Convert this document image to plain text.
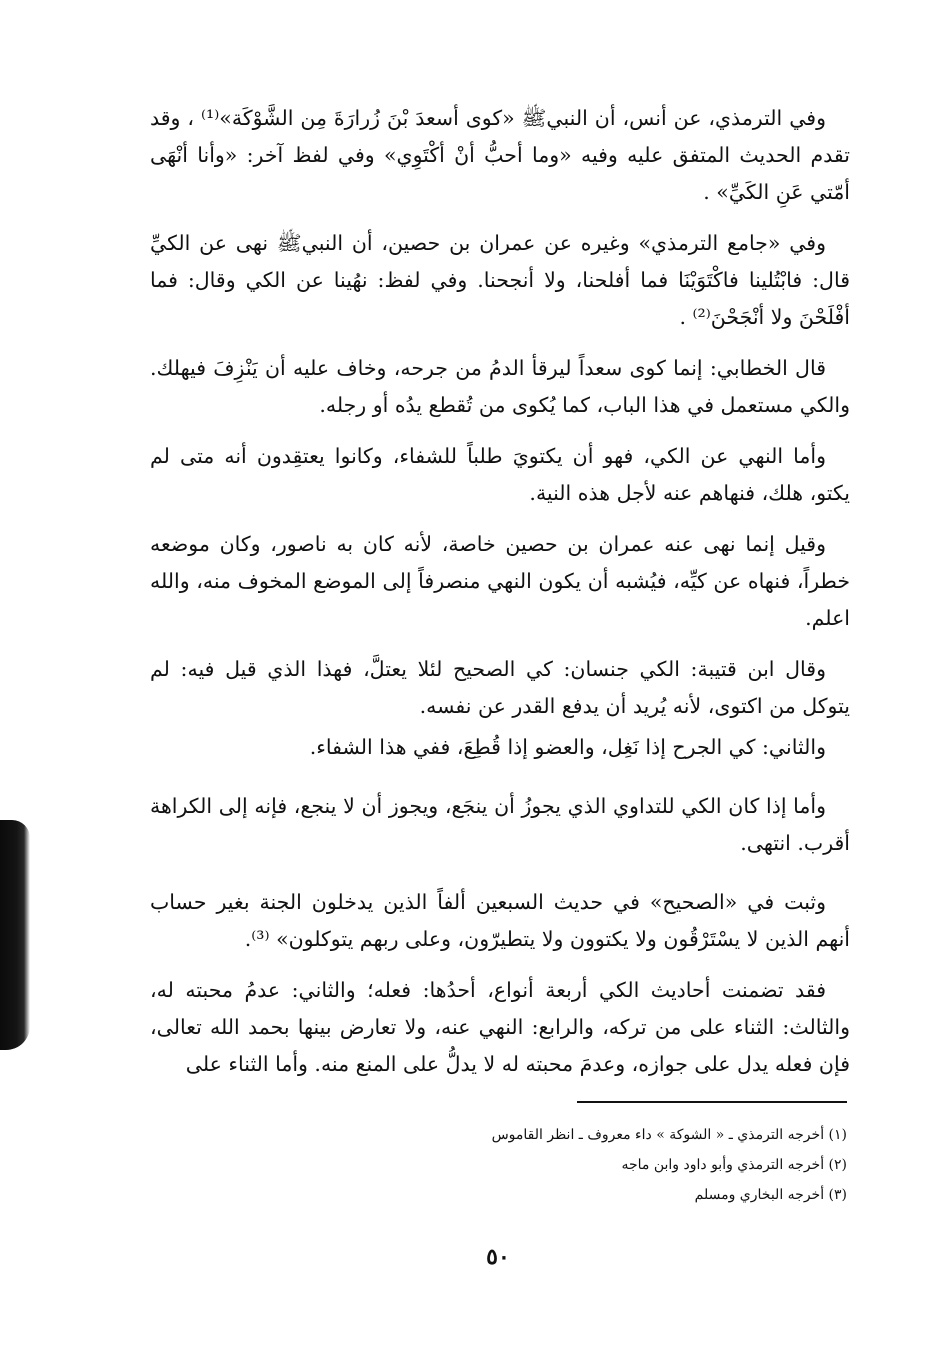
وفي الترمذي، عن أنس، أن النبيﷺ «كوى أسعدَ بْنَ زُرارَةَ مِن الشَّوْكَة»⁽¹⁾ ، وقد تقدم الحديث المتفق عليه وفيه «وما أحبُّ أنْ أكْتَوِي» وفي لفظ آخر: «وأنا أنْهَى أمّتي عَنِ الكَيِّ» .

وفي «جامع الترمذي» وغيره عن عمران بن حصين، أن النبيﷺ نهى عن الكيِّ قال: فابْتُلينا فاكْتَوَيْنَا فما أفلحنا، ولا أنجحنا. وفي لفظ: نهُينا عن الكي وقال: فما أفْلَحْنَ ولا أنْجَحْنَ⁽²⁾ .

قال الخطابي: إنما كوى سعداً ليرقأ الدمُ من جرحه، وخاف عليه أن يَنْزِفَ فيهلك. والكي مستعمل في هذا الباب، كما يُكوى من تُقطع يدُه أو رجله.

وأما النهي عن الكي، فهو أن يكتويَ طلباً للشفاء، وكانوا يعتقِدون أنه متى لم يكتو، هلك، فنهاهم عنه لأجل هذه النية.

وقيل إنما نهى عنه عمران بن حصين خاصة، لأنه كان به ناصور، وكان موضعه خطراً، فنهاه عن كيِّه، فيُشبه أن يكون النهي منصرفاً إلى الموضع المخوف منه، والله اعلم.

وقال ابن قتيبة: الكي جنسان: كي الصحيح لئلا يعتلَّ، فهذا الذي قيل فيه: لم يتوكل من اكتوى، لأنه يُريد أن يدفع القدر عن نفسه.

والثاني: كي الجرح إذا نَغِل، والعضو إذا قُطِعَ، ففي هذا الشفاء.

وأما إذا كان الكي للتداوي الذي يجوزُ أن ينجَع، ويجوز أن لا ينجع، فإنه إلى الكراهة أقرب. انتهى.

وثبت في «الصحيح» في حديث السبعين ألفاً الذين يدخلون الجنة بغير حساب أنهم الذين لا يسْتَرْقُون ولا يكتوون ولا يتطيرّون، وعلى ربهم يتوكلون» ⁽³⁾.

فقد تضمنت أحاديث الكي أربعة أنواع، أحدُها: فعله؛ والثاني: عدمُ محبته له، والثالث: الثناء على من تركه، والرابع: النهي عنه، ولا تعارض بينها بحمد الله تعالى، فإن فعله يدل على جوازه، وعدمَ محبته له لا يدلُّ على المنع منه. وأما الثناء على

(١) أخرجه الترمذي ـ « الشوكة » داء معروف ـ انظر القاموس

(٢) أخرجه الترمذي وأبو داود وابن ماجه

(٣) أخرجه البخاري ومسلم

٥٠
